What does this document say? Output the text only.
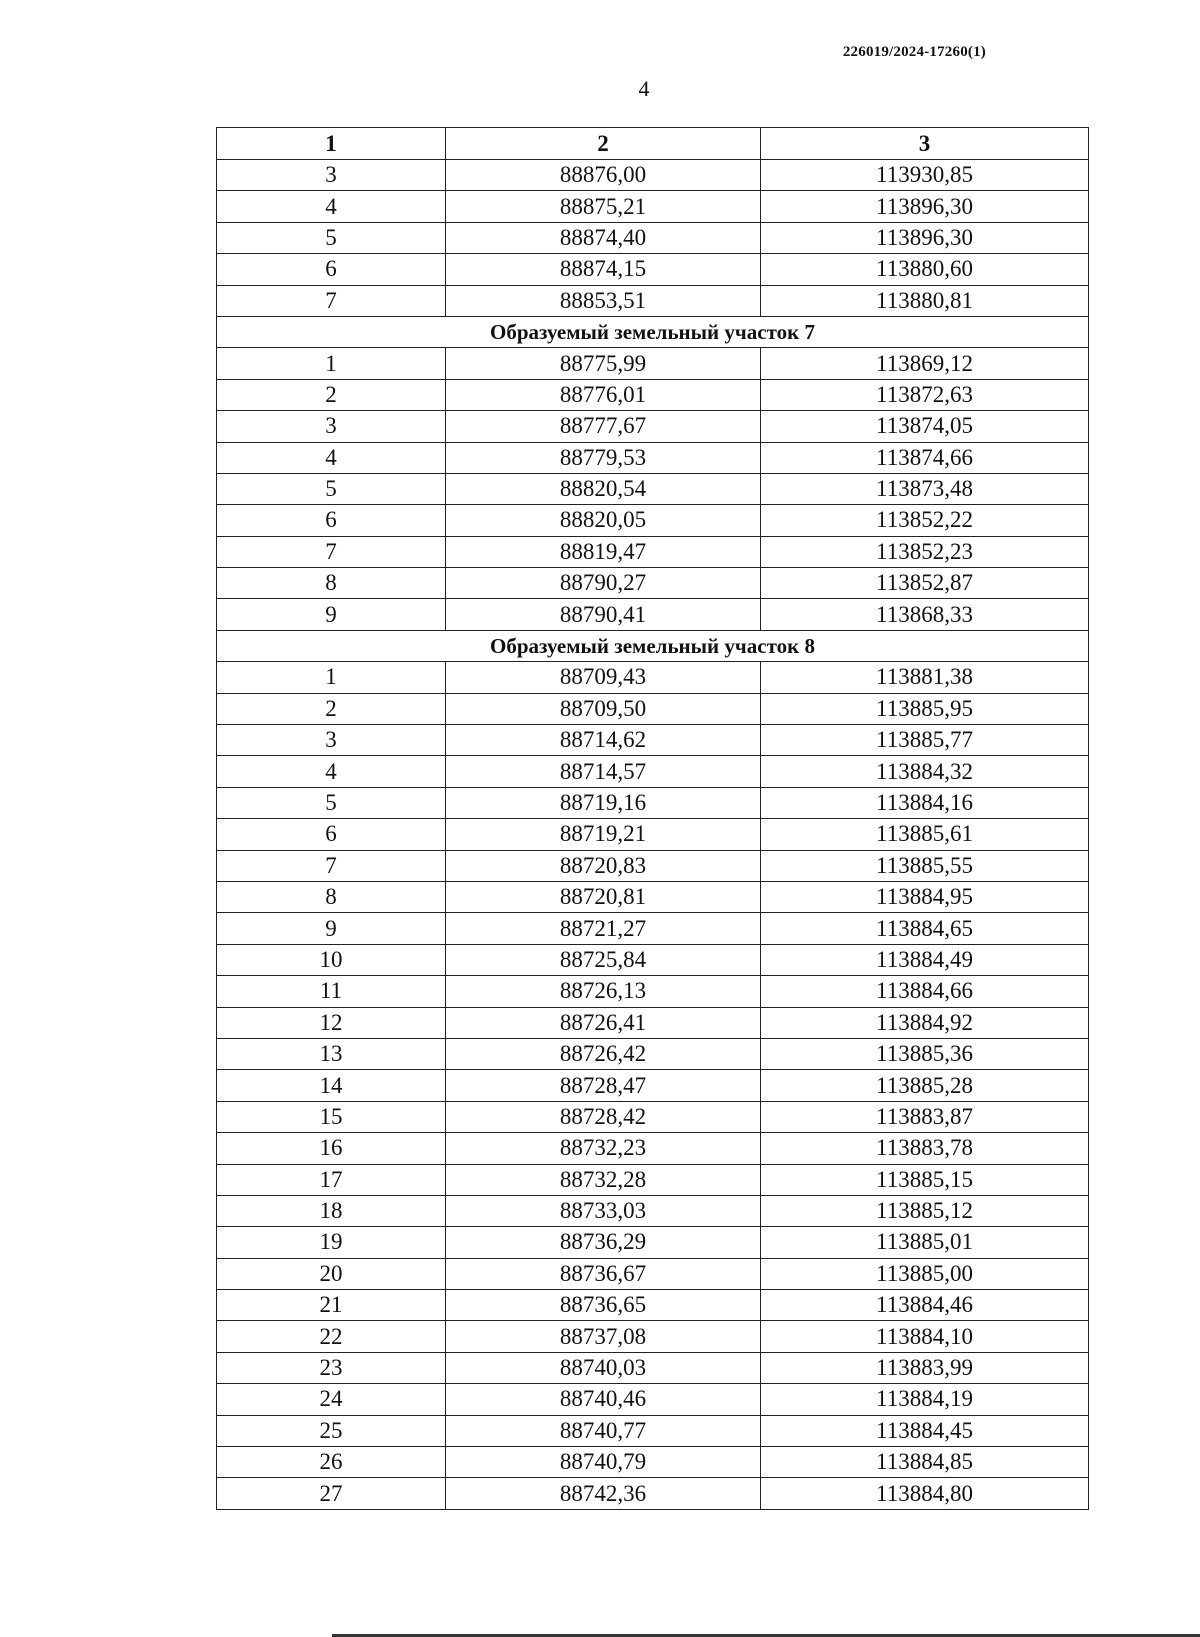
226019/2024-17260(1)
4
1	2	3
3	88876,00	113930,85
4	88875,21	113896,30
5	88874,40	113896,30
6	88874,15	113880,60
7	88853,51	113880,81
Образуемый земельный участок 7		
1	88775,99	113869,12
2	88776,01	113872,63
3	88777,67	113874,05
4	88779,53	113874,66
5	88820,54	113873,48
6	88820,05	113852,22
7	88819,47	113852,23
8	88790,27	113852,87
9	88790,41	113868,33
Образуемый земельный участок 8		
1	88709,43	113881,38
2	88709,50	113885,95
3	88714,62	113885,77
4	88714,57	113884,32
5	88719,16	113884,16
6	88719,21	113885,61
7	88720,83	113885,55
8	88720,81	113884,95
9	88721,27	113884,65
10	88725,84	113884,49
11	88726,13	113884,66
12	88726,41	113884,92
13	88726,42	113885,36
14	88728,47	113885,28
15	88728,42	113883,87
16	88732,23	113883,78
17	88732,28	113885,15
18	88733,03	113885,12
19	88736,29	113885,01
20	88736,67	113885,00
21	88736,65	113884,46
22	88737,08	113884,10
23	88740,03	113883,99
24	88740,46	113884,19
25	88740,77	113884,45
26	88740,79	113884,85
27	88742,36	113884,80
